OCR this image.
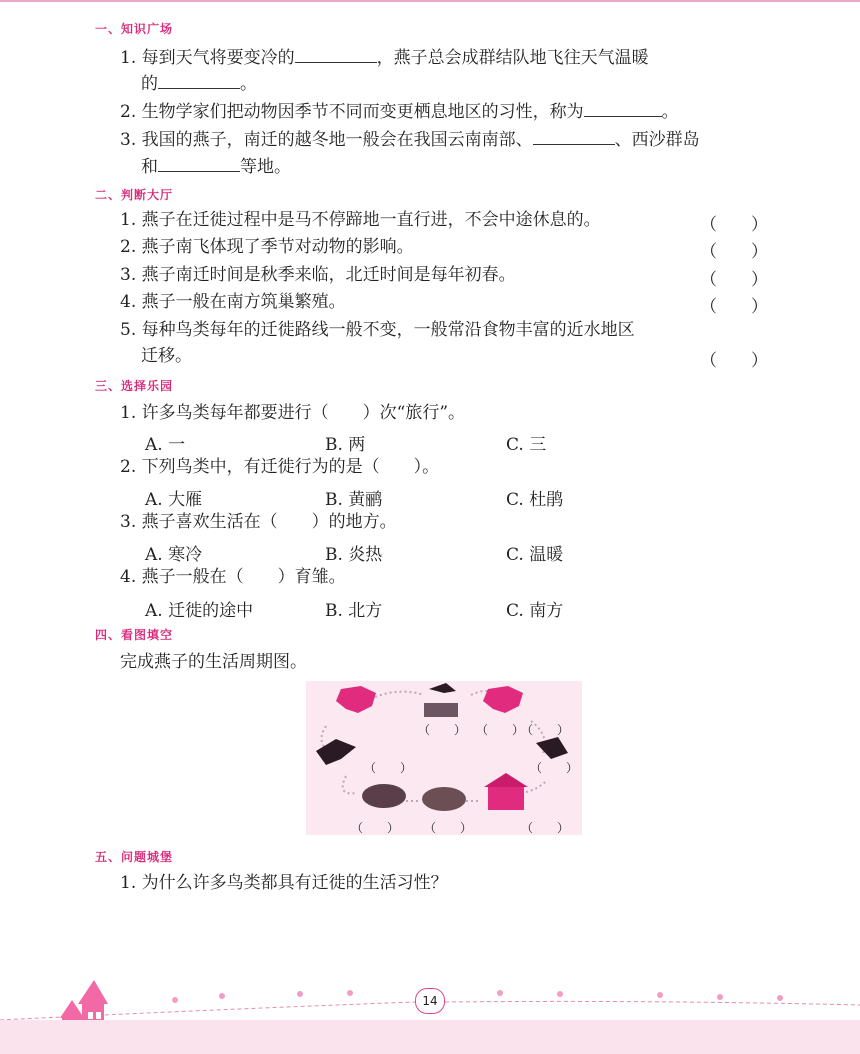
一、知识广场
1. 每到天气将要变冷的	，燕子总会成群结队地飞往天气温暖
的	。
2. 生物学家们把动物因季节不同而变更栖息地区的习性，称为	。
3. 我国的燕子，南迁的越冬地一般会在我国云南南部、	、西沙群岛
和	等地。
二、判断大厅
1. 燕子在迁徙过程中是马不停蹄地一直行进，不会中途休息的。	（　　）
2. 燕子南飞体现了季节对动物的影响。	（　　）
3. 燕子南迁时间是秋季来临，北迁时间是每年初春。	（　　）
4. 燕子一般在南方筑巢繁殖。	（　　）
5. 每种鸟类每年的迁徙路线一般不变，一般常沿食物丰富的近水地区
迁移。	（　　）
三、选择乐园
1. 许多鸟类每年都要进行（　　）次“旅行”。
A. 一	B. 两	C. 三
2. 下列鸟类中，有迁徙行为的是（　　）。
A. 大雁	B. 黄鹂	C. 杜鹃
3. 燕子喜欢生活在（　　）的地方。
A. 寒冷	B. 炎热	C. 温暖
4. 燕子一般在（　　）育雏。
A. 迁徙的途中	B. 北方	C. 南方
四、看图填空
完成燕子的生活周期图。
（　　） （　　）
（　　）
（　　）	（　　）
（　　） （　　）	（　　）
五、问题城堡
1. 为什么许多鸟类都具有迁徙的生活习性？
14
